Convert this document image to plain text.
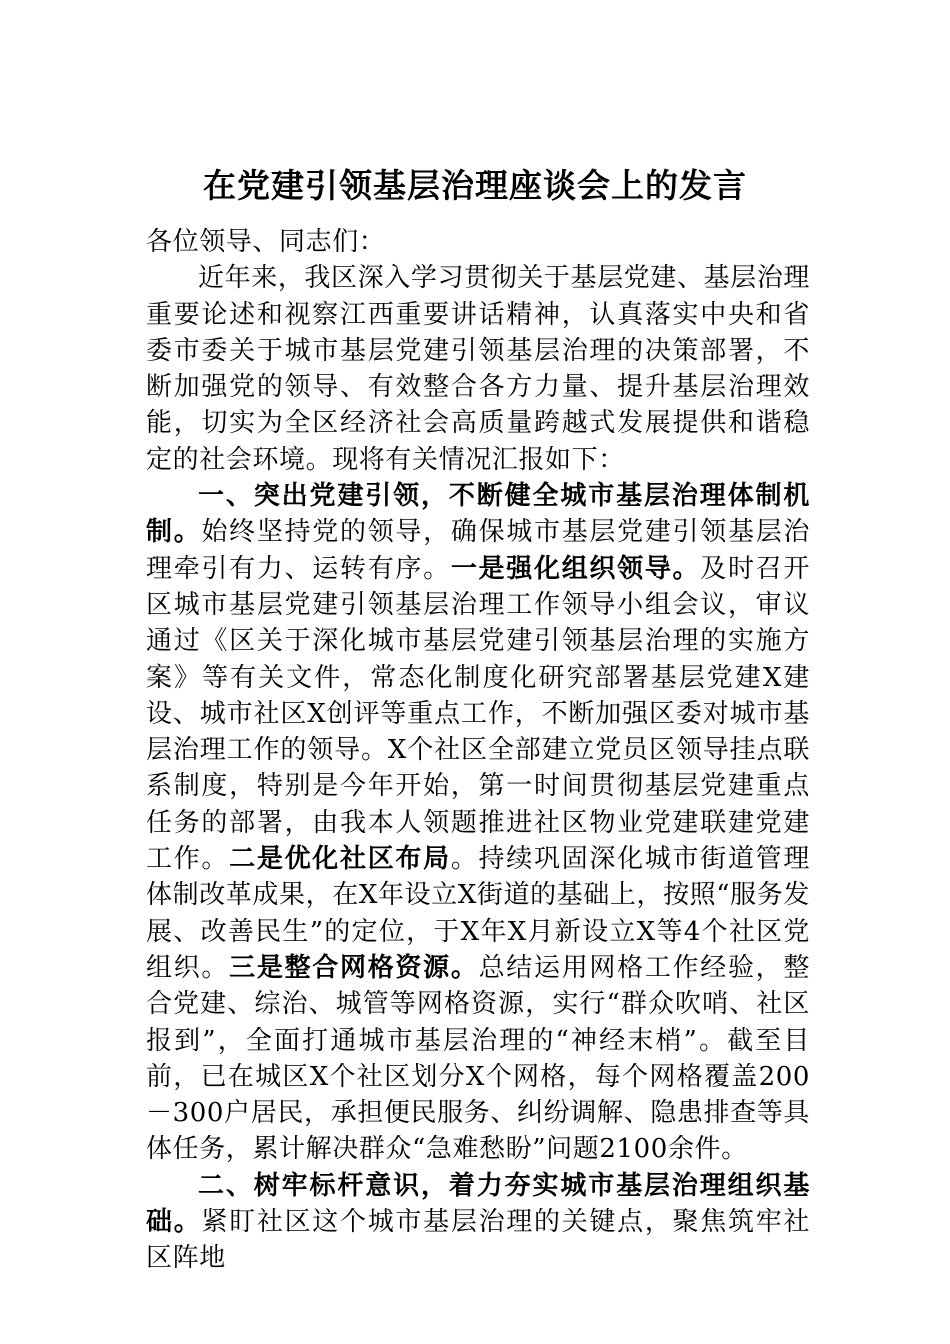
在党建引领基层治理座谈会上的发言

各位领导、同志们：

近年来，我区深入学习贯彻关于基层党建、基层治理重要论述和视察江西重要讲话精神，认真落实中央和省委市委关于城市基层党建引领基层治理的决策部署，不断加强党的领导、有效整合各方力量、提升基层治理效能，切实为全区经济社会高质量跨越式发展提供和谐稳定的社会环境。现将有关情况汇报如下：

一、突出党建引领，不断健全城市基层治理体制机制。始终坚持党的领导，确保城市基层党建引领基层治理牵引有力、运转有序。一是强化组织领导。及时召开区城市基层党建引领基层治理工作领导小组会议，审议通过《区关于深化城市基层党建引领基层治理的实施方案》等有关文件，常态化制度化研究部署基层党建X建设、城市社区X创评等重点工作，不断加强区委对城市基层治理工作的领导。X个社区全部建立党员区领导挂点联系制度，特别是今年开始，第一时间贯彻基层党建重点任务的部署，由我本人领题推进社区物业党建联建党建工作。二是优化社区布局。持续巩固深化城市街道管理体制改革成果，在X年设立X街道的基础上，按照“服务发展、改善民生”的定位，于X年X月新设立X等4个社区党组织。三是整合网格资源。总结运用网格工作经验，整合党建、综治、城管等网格资源，实行“群众吹哨、社区报到”，全面打通城市基层治理的“神经末梢”。截至目前，已在城区X个社区划分X个网格，每个网格覆盖200－300户居民，承担便民服务、纠纷调解、隐患排查等具体任务，累计解决群众“急难愁盼”问题2100余件。

二、树牢标杆意识，着力夯实城市基层治理组织基础。紧盯社区这个城市基层治理的关键点，聚焦筑牢社区阵地
